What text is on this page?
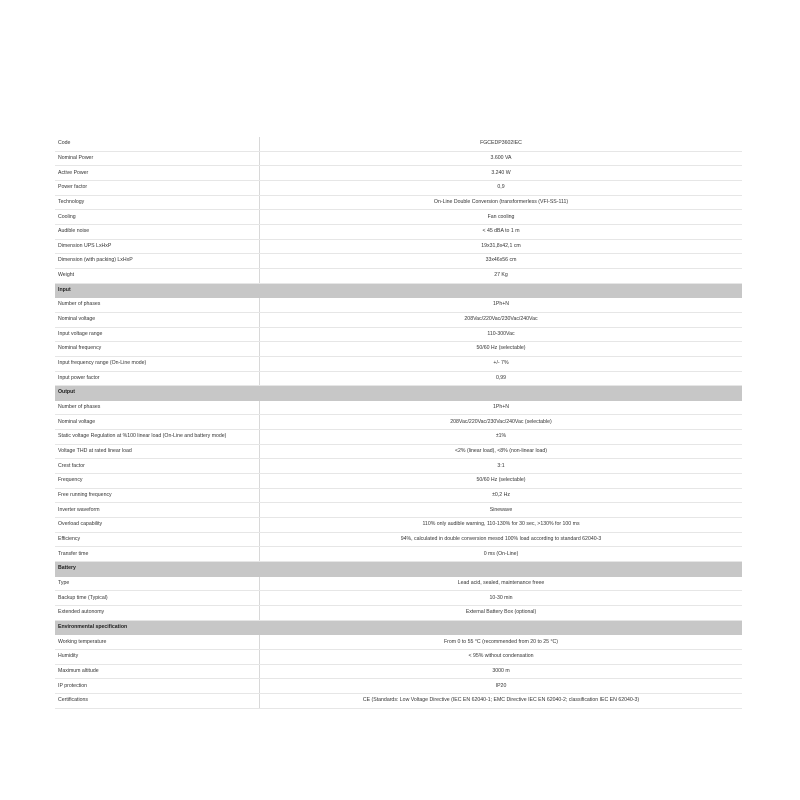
Code	FGCEDP3602IEC
Nominal Power	3.600 VA
Active Power	3.240 W
Power factor	0,9
Technology	On-Line Double Conversion (transformerless (VFI-SS-111)
Cooling	Fan cooling
Audible noise	< 45 dBA to 1 m
Dimension UPS LxHxP	19x31,8x42,1 cm
Dimension (with packing) LxHxP	33x46x56 cm
Weight	27 Kg
Input	
Number of phases	1Ph+N
Nominal voltage	208Vac/220Vac/230Vac/240Vac
Input voltage range	110-300Vac
Nominal frequency	50/60 Hz (selectable)
Input frequency range (On-Line mode)	+/- 7%
Input power factor	0,99
Output	
Number of phases	1Ph+N
Nominal voltage	208Vac/220Vac/230Vac/240Vac (selectable)
Static voltage Regulation at %100 linear load (On-Line and battery mode)	±1%
Voltage THD at rated linear load	<2% (linear load), <8% (non-linear load)
Crest factor	3:1
Frequency	50/60 Hz (selectable)
Free running frequency	±0,2 Hz
Inverter waveform	Sinewave
Overload capability	110% only audible warning, 110-130% for 30 sec, >130% for 100 ms
Efficiency	94%, calculated in double conversion mesod 100% load according to standard 62040-3
Transfer time	0 ms (On-Line)
Battery	
Type	Lead acid, sealed, maintenance freee
Backup time (Typical)	10-30 min
Extended autonomy	External Battery Box (optional)
Environmental specification	
Working temperature	From 0 to 55 °C (recommended from 20 to 25 °C)
Humidity	< 95% without condensation
Maximum altitude	3000 m
IP protection	IP20
Certifications	CE (Standards: Low Voltage Directive (IEC EN 62040-1; EMC Directive IEC EN 62040-2; classification IEC EN 62040-3)
